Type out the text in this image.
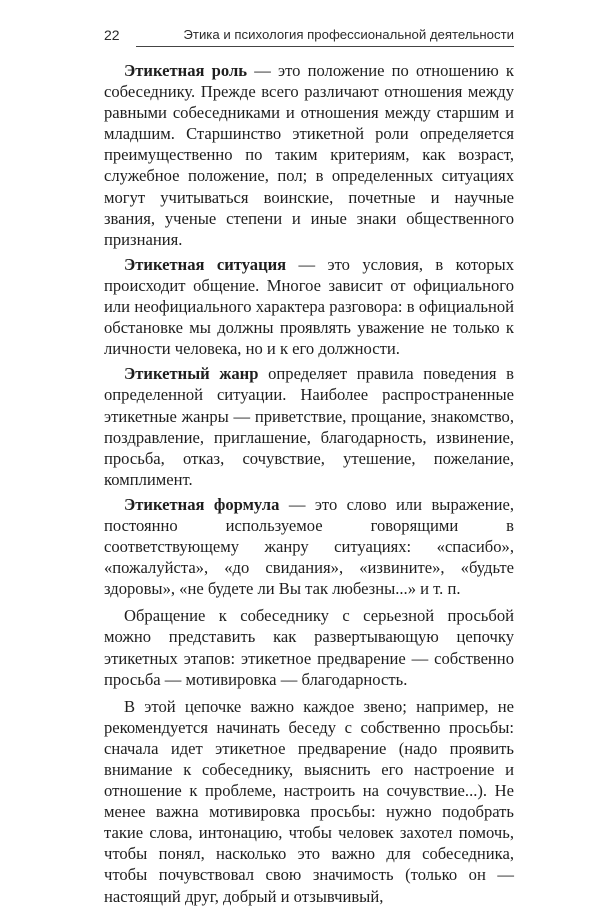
22	Этика и психология профессиональной деятельности

Этикетная роль — это положение по отношению к собеседнику. Прежде всего различают отношения между равными собеседниками и отношения между старшим и младшим. Старшинство этикетной роли определяется преимущественно по таким критериям, как возраст, служебное положение, пол; в определенных ситуациях могут учитываться воинские, почетные и научные звания, ученые степени и иные знаки общественного признания.

Этикетная ситуация — это условия, в которых происходит общение. Многое зависит от официального или неофициального характера разговора: в официальной обстановке мы должны проявлять уважение не только к личности человека, но и к его должности.

Этикетный жанр определяет правила поведения в определенной ситуации. Наиболее распространенные этикетные жанры — приветствие, прощание, знакомство, поздравление, приглашение, благодарность, извинение, просьба, отказ, сочувствие, утешение, пожелание, комплимент.

Этикетная формула — это слово или выражение, постоянно используемое говорящими в соответствующему жанру ситуациях: «спасибо», «пожалуйста», «до свидания», «извините», «будьте здоровы», «не будете ли Вы так любезны...» и т. п.

Обращение к собеседнику с серьезной просьбой можно представить как развертывающую цепочку этикетных этапов: этикетное предварение — собственно просьба — мотивировка — благодарность.

В этой цепочке важно каждое звено; например, не рекомендуется начинать беседу с собственно просьбы: сначала идет этикетное предварение (надо проявить внимание к собеседнику, выяснить его настроение и отношение к проблеме, настроить на сочувствие...). Не менее важна мотивировка просьбы: нужно подобрать такие слова, интонацию, чтобы человек захотел помочь, чтобы понял, насколько это важно для собеседника, чтобы почувствовал свою значимость (только он — настоящий друг, добрый и отзывчивый,
